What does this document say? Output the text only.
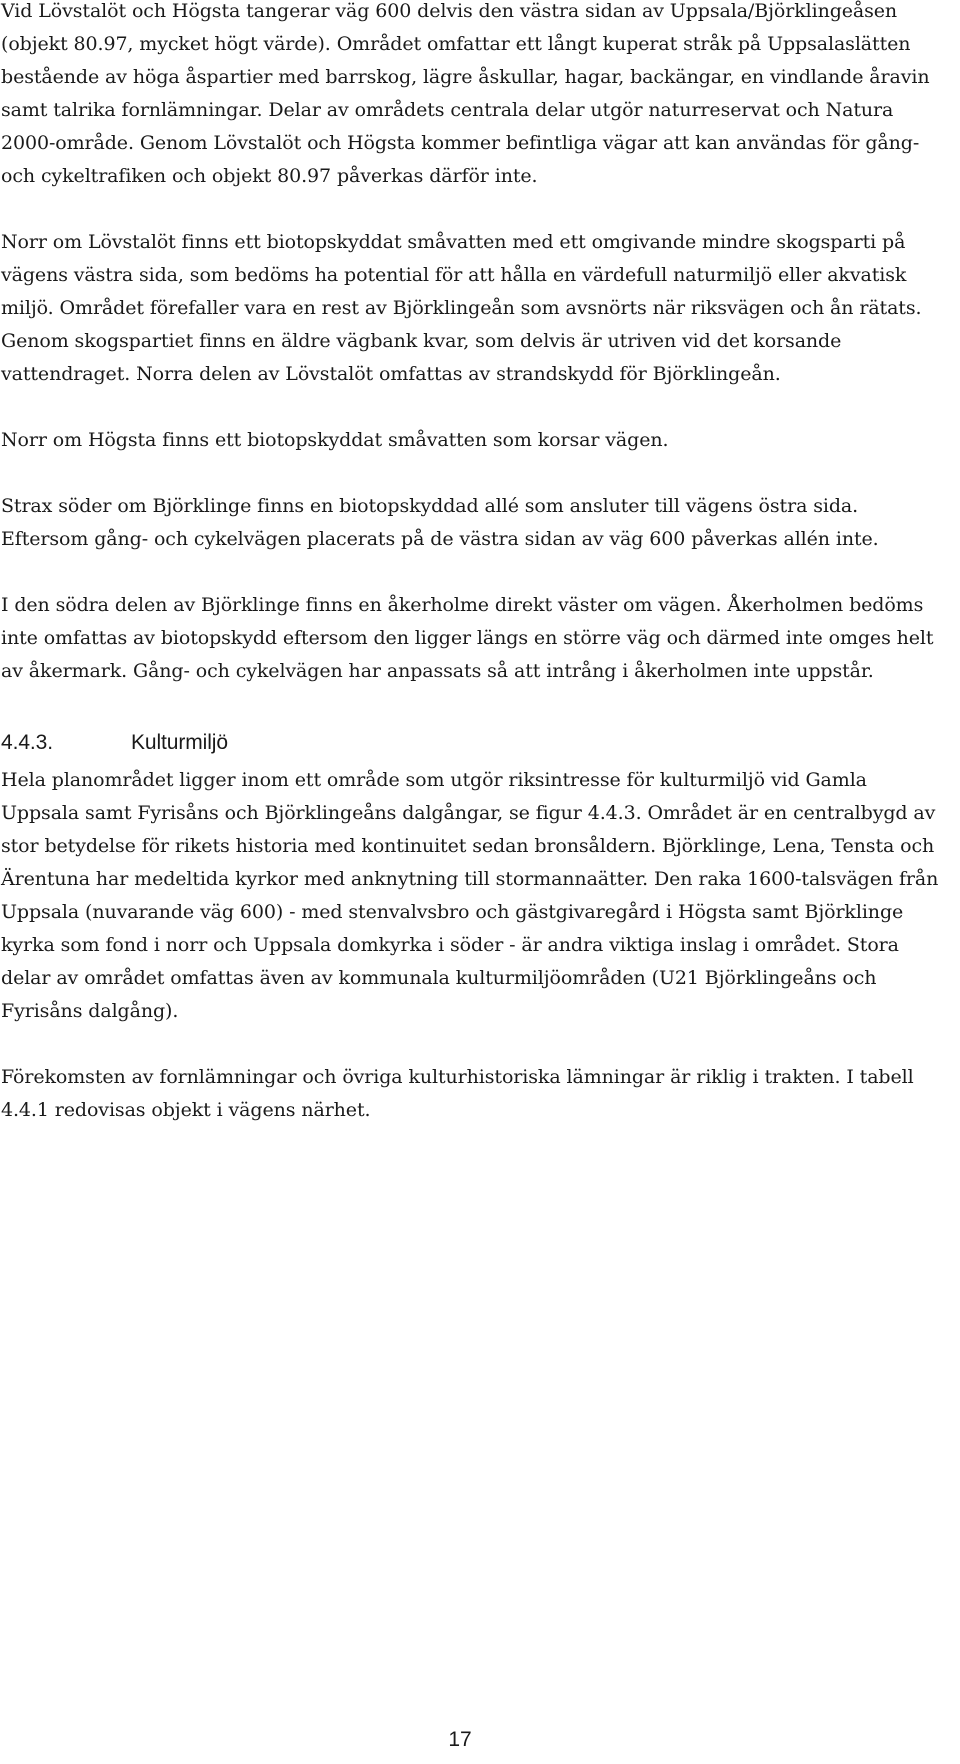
Vid Lövstalöt och Högsta tangerar väg 600 delvis den västra sidan av Uppsala/Björklingeåsen (objekt 80.97, mycket högt värde). Området omfattar ett långt kuperat stråk på Uppsalaslätten bestående av höga åspartier med barrskog, lägre åskullar, hagar, backängar, en vindlande åravin samt talrika fornlämningar. Delar av områdets centrala delar utgör naturreservat och Natura 2000-område. Genom Lövstalöt och Högsta kommer befintliga vägar att kan användas för gång- och cykeltrafiken och objekt 80.97 påverkas därför inte.

Norr om Lövstalöt finns ett biotopskyddat småvatten med ett omgivande mindre skogsparti på vägens västra sida, som bedöms ha potential för att hålla en värdefull naturmiljö eller akvatisk miljö. Området förefaller vara en rest av Björklingeån som avsnörts när riksvägen och ån rätats. Genom skogspartiet finns en äldre vägbank kvar, som delvis är utriven vid det korsande vattendraget. Norra delen av Lövstalöt omfattas av strandskydd för Björklingeån.

Norr om Högsta finns ett biotopskyddat småvatten som korsar vägen.

Strax söder om Björklinge finns en biotopskyddad allé som ansluter till vägens östra sida. Eftersom gång- och cykelvägen placerats på de västra sidan av väg 600 påverkas allén inte.

I den södra delen av Björklinge finns en åkerholme direkt väster om vägen. Åkerholmen bedöms inte omfattas av biotopskydd eftersom den ligger längs en större väg och därmed inte omges helt av åkermark. Gång- och cykelvägen har anpassats så att intrång i åkerholmen inte uppstår.

4.4.3.	Kulturmiljö

Hela planområdet ligger inom ett område som utgör riksintresse för kulturmiljö vid Gamla Uppsala samt Fyrisåns och Björklingeåns dalgångar, se figur 4.4.3. Området är en centralbygd av stor betydelse för rikets historia med kontinuitet sedan bronsåldern. Björklinge, Lena, Tensta och Ärentuna har medeltida kyrkor med anknytning till stormannaätter. Den raka 1600-talsvägen från Uppsala (nuvarande väg 600) - med stenvalvsbro och gästgivaregård i Högsta samt Björklinge kyrka som fond i norr och Uppsala domkyrka i söder - är andra viktiga inslag i området. Stora delar av området omfattas även av kommunala kulturmiljöområden (U21 Björklingeåns och Fyrisåns dalgång).

Förekomsten av fornlämningar och övriga kulturhistoriska lämningar är riklig i trakten. I tabell 4.4.1 redovisas objekt i vägens närhet.

17
